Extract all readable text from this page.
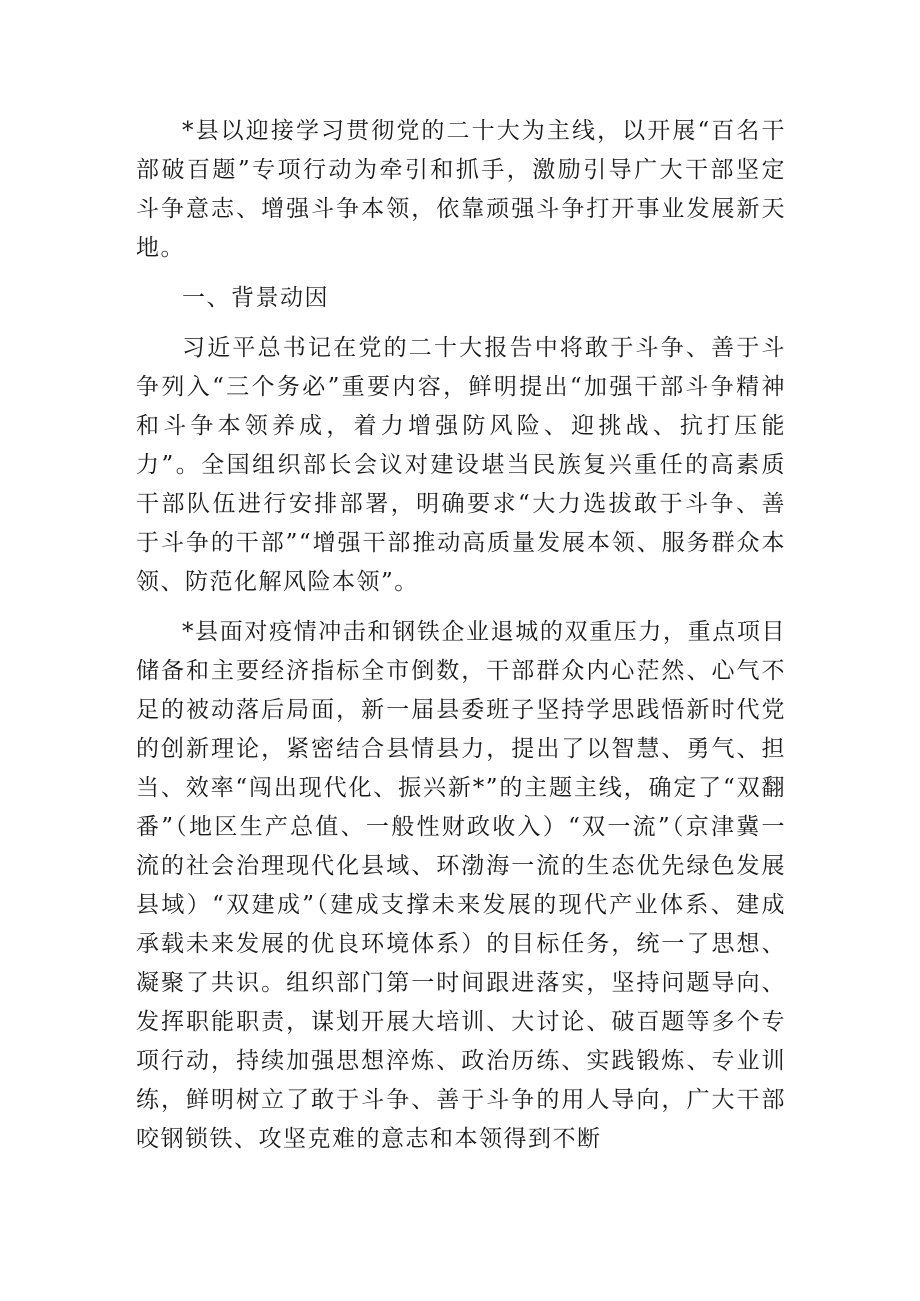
*县以迎接学习贯彻党的二十大为主线，以开展“百名干部破百题”专项行动为牵引和抓手，激励引导广大干部坚定斗争意志、增强斗争本领，依靠顽强斗争打开事业发展新天地。

一、背景动因

习近平总书记在党的二十大报告中将敢于斗争、善于斗争列入“三个务必”重要内容，鲜明提出“加强干部斗争精神和斗争本领养成，着力增强防风险、迎挑战、抗打压能力”。全国组织部长会议对建设堪当民族复兴重任的高素质干部队伍进行安排部署，明确要求“大力选拔敢于斗争、善于斗争的干部”“增强干部推动高质量发展本领、服务群众本领、防范化解风险本领”。

*县面对疫情冲击和钢铁企业退城的双重压力，重点项目储备和主要经济指标全市倒数，干部群众内心茫然、心气不足的被动落后局面，新一届县委班子坚持学思践悟新时代党的创新理论，紧密结合县情县力，提出了以智慧、勇气、担当、效率“闯出现代化、振兴新*”的主题主线，确定了“双翻番”（地区生产总值、一般性财政收入）“双一流”（京津冀一流的社会治理现代化县域、环渤海一流的生态优先绿色发展县域）“双建成”（建成支撑未来发展的现代产业体系、建成承载未来发展的优良环境体系）的目标任务，统一了思想、凝聚了共识。组织部门第一时间跟进落实，坚持问题导向、发挥职能职责，谋划开展大培训、大讨论、破百题等多个专项行动，持续加强思想淬炼、政治历练、实践锻炼、专业训练，鲜明树立了敢于斗争、善于斗争的用人导向，广大干部咬钢锁铁、攻坚克难的意志和本领得到不断
